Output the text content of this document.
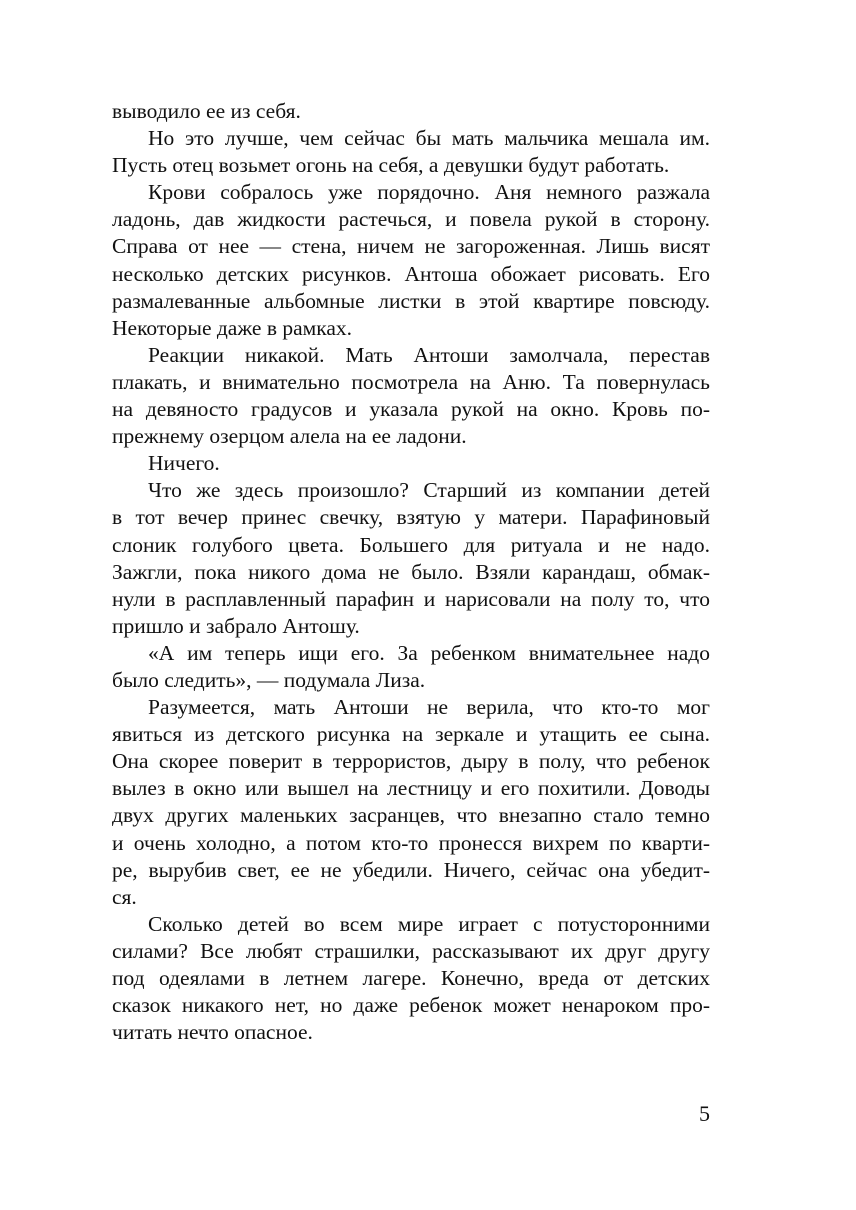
выводило ее из себя.
Но это лучше, чем сейчас бы мать мальчика мешала им.
Пусть отец возьмет огонь на себя, а девушки будут работать.
Крови собралось уже порядочно. Аня немного разжала
ладонь, дав жидкости растечься, и повела рукой в сторону.
Справа от нее — стена, ничем не загороженная. Лишь висят
несколько детских рисунков. Антоша обожает рисовать. Его
размалеванные альбомные листки в этой квартире повсюду.
Некоторые даже в рамках.
Реакции никакой. Мать Антоши замолчала, перестав
плакать, и внимательно посмотрела на Аню. Та повернулась
на девяносто градусов и указала рукой на окно. Кровь по-
прежнему озерцом алела на ее ладони.
Ничего.
Что же здесь произошло? Старший из компании детей
в тот вечер принес свечку, взятую у матери. Парафиновый
слоник голубого цвета. Большего для ритуала и не надо.
Зажгли, пока никого дома не было. Взяли карандаш, обмак-
нули в расплавленный парафин и нарисовали на полу то, что
пришло и забрало Антошу.
«А им теперь ищи его. За ребенком внимательнее надо
было следить», — подумала Лиза.
Разумеется, мать Антоши не верила, что кто-то мог
явиться из детского рисунка на зеркале и утащить ее сына.
Она скорее поверит в террористов, дыру в полу, что ребенок
вылез в окно или вышел на лестницу и его похитили. Доводы
двух других маленьких засранцев, что внезапно стало темно
и очень холодно, а потом кто-то пронесся вихрем по кварти-
ре, вырубив свет, ее не убедили. Ничего, сейчас она убедит-
ся.
Сколько детей во всем мире играет с потусторонними
силами? Все любят страшилки, рассказывают их друг другу
под одеялами в летнем лагере. Конечно, вреда от детских
сказок никакого нет, но даже ребенок может ненароком про-
читать нечто опасное.
5
